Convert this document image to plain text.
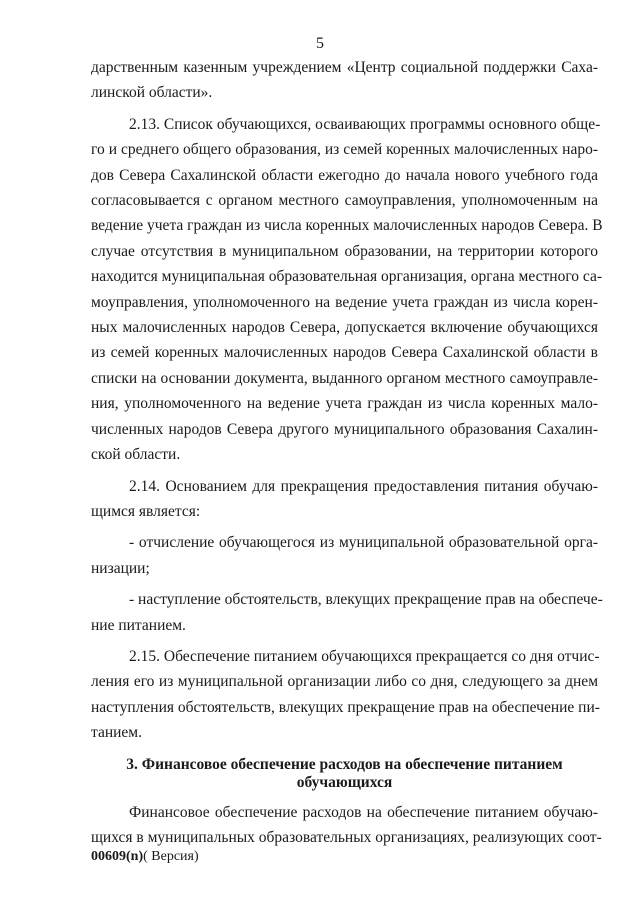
5
дарственным казенным учреждением «Центр социальной поддержки Саха-
линской области».
2.13. Список обучающихся, осваивающих программы основного обще-
го и среднего общего образования, из семей коренных малочисленных наро-
дов Севера Сахалинской области ежегодно до начала нового учебного года
согласовывается с органом местного самоуправления, уполномоченным на
ведение учета граждан из числа коренных малочисленных народов Севера. В
случае отсутствия в муниципальном образовании, на территории которого
находится муниципальная образовательная организация, органа местного са-
моуправления, уполномоченного на ведение учета граждан из числа корен-
ных малочисленных народов Севера, допускается включение обучающихся
из семей коренных малочисленных народов Севера Сахалинской области в
списки на основании документа, выданного органом местного самоуправле-
ния, уполномоченного на ведение учета граждан из числа коренных мало-
численных народов Севера другого муниципального образования Сахалин-
ской области.
2.14. Основанием для прекращения предоставления питания обучаю-
щимся является:
- отчисление обучающегося из муниципальной образовательной орга-
низации;
- наступление обстоятельств, влекущих прекращение прав на обеспече-
ние питанием.
2.15. Обеспечение питанием обучающихся прекращается со дня отчис-
ления его из муниципальной организации либо со дня, следующего за днем
наступления обстоятельств, влекущих прекращение прав на обеспечение пи-
танием.
3. Финансовое обеспечение расходов на обеспечение питанием
обучающихся
Финансовое обеспечение расходов на обеспечение питанием обучаю-
щихся в муниципальных образовательных организациях, реализующих соот-
00609(n)( Версия)
